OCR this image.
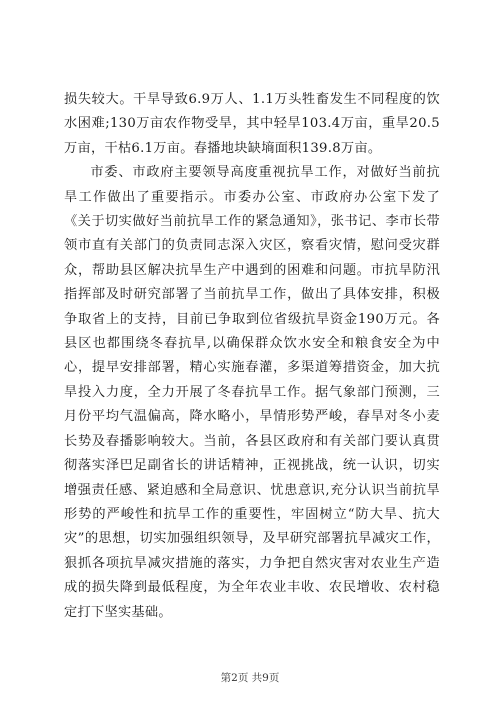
损失较大。干旱导致6.9万人、1.1万头牲畜发生不同程度的饮水困难;130万亩农作物受旱，其中轻旱103.4万亩，重旱20.5万亩，干枯6.1万亩。春播地块缺墒面积139.8万亩。

市委、市政府主要领导高度重视抗旱工作，对做好当前抗旱工作做出了重要指示。市委办公室、市政府办公室下发了《关于切实做好当前抗旱工作的紧急通知》，张书记、李市长带领市直有关部门的负责同志深入灾区，察看灾情，慰问受灾群众，帮助县区解决抗旱生产中遇到的困难和问题。市抗旱防汛指挥部及时研究部署了当前抗旱工作，做出了具体安排，积极争取省上的支持，目前已争取到位省级抗旱资金190万元。各县区也都围绕冬春抗旱,以确保群众饮水安全和粮食安全为中心，提早安排部署，精心实施春灌，多渠道筹措资金，加大抗旱投入力度，全力开展了冬春抗旱工作。据气象部门预测，三月份平均气温偏高，降水略小，旱情形势严峻，春旱对冬小麦长势及春播影响较大。当前，各县区政府和有关部门要认真贯彻落实泽巴足副省长的讲话精神，正视挑战，统一认识，切实增强责任感、紧迫感和全局意识、忧患意识,充分认识当前抗旱形势的严峻性和抗旱工作的重要性，牢固树立“防大旱、抗大灾”的思想，切实加强组织领导，及早研究部署抗旱减灾工作，狠抓各项抗旱减灾措施的落实，力争把自然灾害对农业生产造成的损失降到最低程度，为全年农业丰收、农民增收、农村稳定打下坚实基础。

第2页 共9页
